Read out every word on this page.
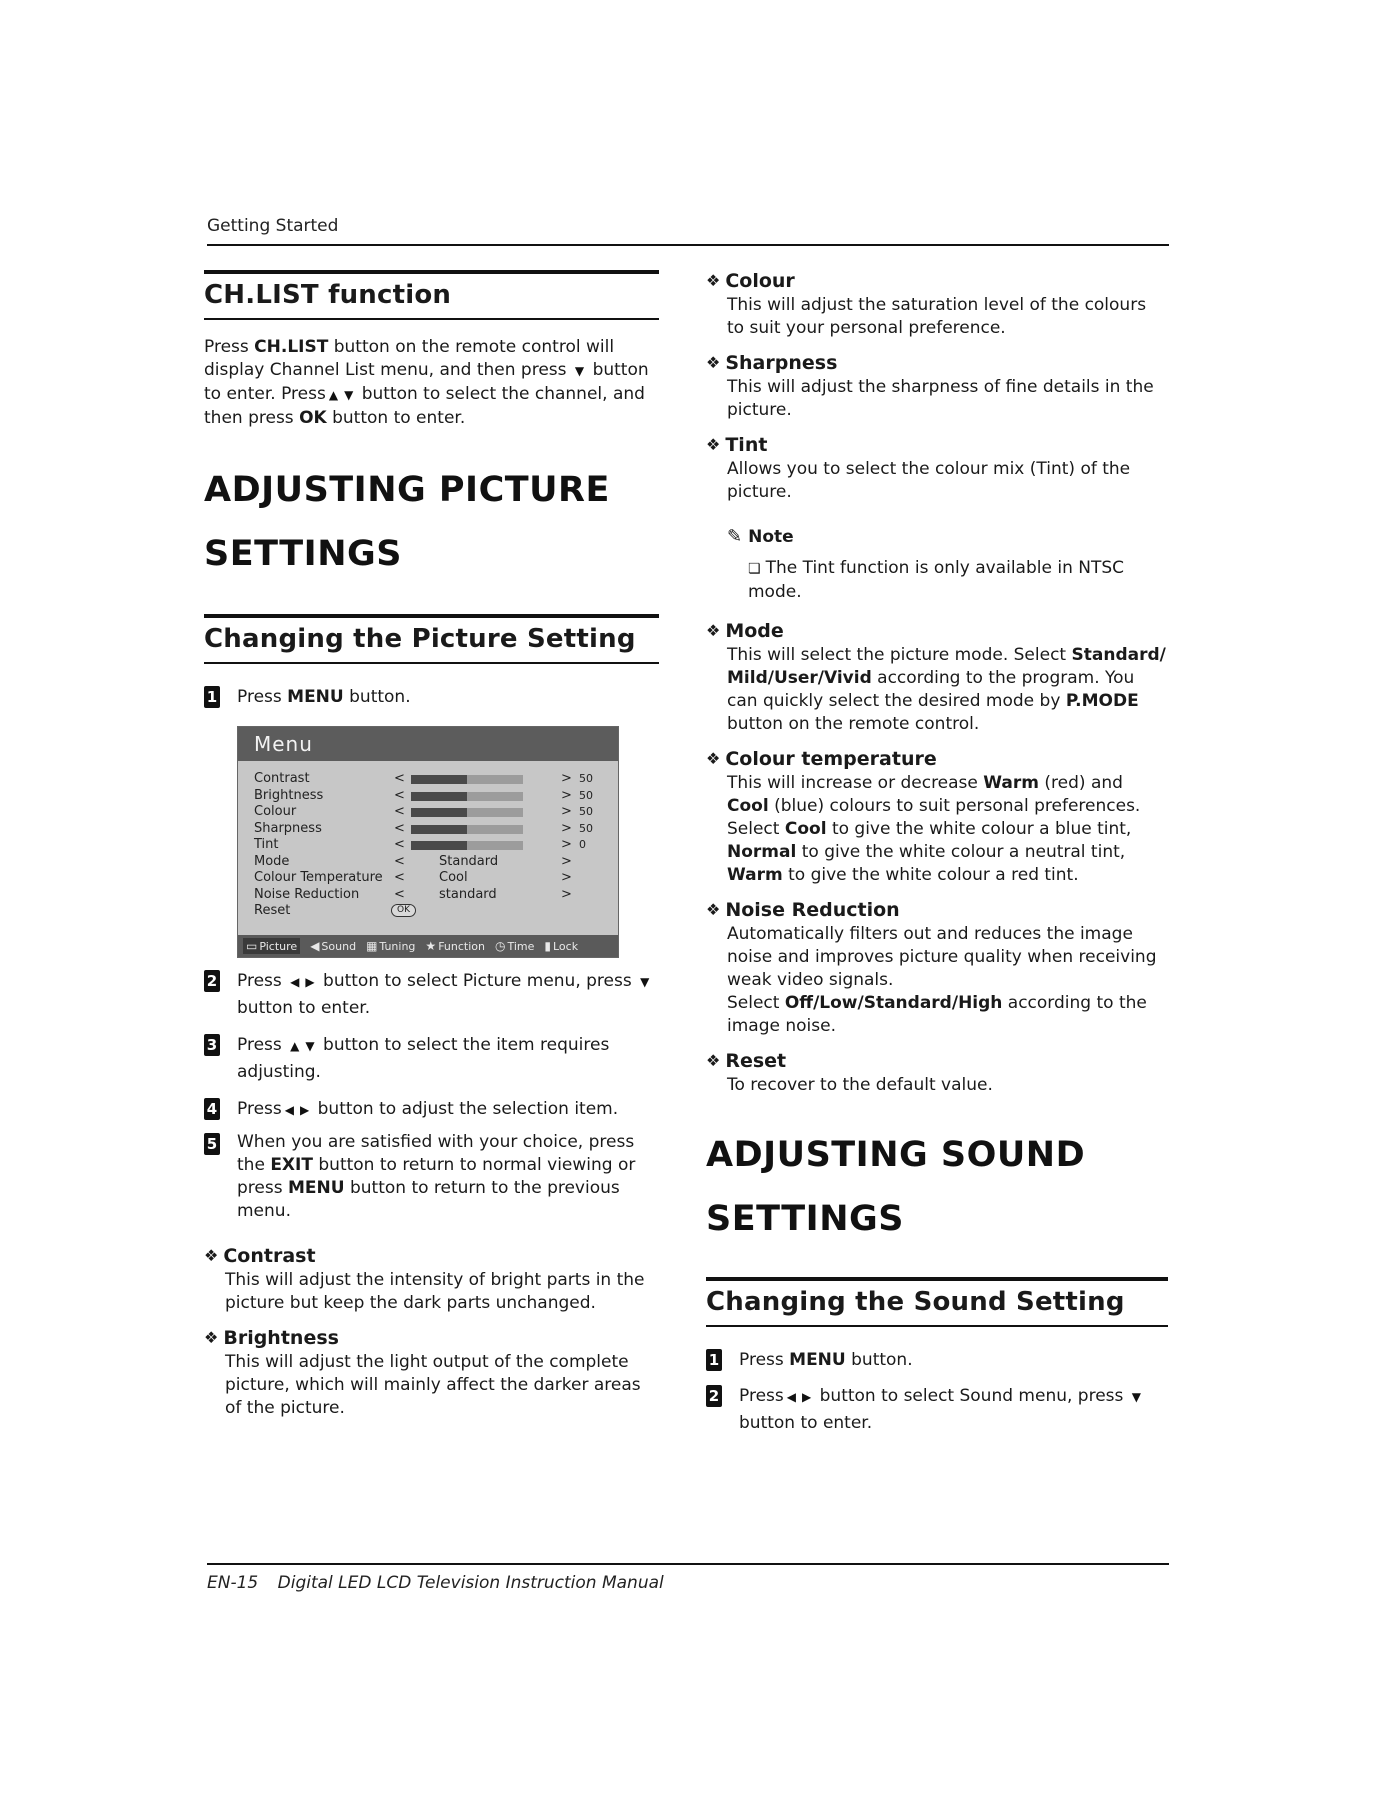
Getting Started
CH.LIST function

Press CH.LIST button on the remote control will display Channel List menu, and then press ▼ button to enter. Press ▲ ▼ button to select the channel, and then press OK button to enter.

ADJUSTING PICTURE
SETTINGS
Changing the Picture Setting
1 Press MENU button.
Menu
Contrast	<	> 50
Brightness	<	> 50
Colour	<	> 50
Sharpness	<	> 50
Tint	<	> 0
Mode	<	Standard	>
Colour Temperature <	Cool	>
Noise Reduction	<	standard	>
Reset	OK
▭ Picture ◀ Sound ▦ Tuning ★ Function ◷ Time ▮ Lock
2 Press ◀ ▶ button to select Picture menu, press ▼ button to enter.
3 Press ▲ ▼ button to select the item requires adjusting.
4 Press ◀ ▶ button to adjust the selection item.
5 When you are satisfied with your choice, press the EXIT button to return to normal viewing or press MENU button to return to the previous menu.

❖ Contrast

This will adjust the intensity of bright parts in the picture but keep the dark parts unchanged.

❖ Brightness

This will adjust the light output of the complete picture, which will mainly affect the darker areas of the picture.

❖ Colour

This will adjust the saturation level of the colours to suit your personal preference.

❖ Sharpness

This will adjust the sharpness of fine details in the picture.

❖ Tint

Allows you to select the colour mix (Tint) of the picture.

✎ Note

❏ The Tint function is only available in NTSC mode.

❖ Mode

This will select the picture mode. Select Standard/ Mild/User/Vivid according to the program. You can quickly select the desired mode by P.MODE button on the remote control.

❖ Colour temperature

This will increase or decrease Warm (red) and Cool (blue) colours to suit personal preferences.
Select Cool to give the white colour a blue tint,
Normal to give the white colour a neutral tint, Warm to give the white colour a red tint.

❖ Noise Reduction

Automatically filters out and reduces the image noise and improves picture quality when receiving weak video signals.
Select Off/Low/Standard/High according to the image noise.

❖ Reset

To recover to the default value.

ADJUSTING SOUND
SETTINGS
Changing the Sound Setting
1 Press MENU button.
2 Press ◀ ▶ button to select Sound menu, press ▼ button to enter.
EN-15 Digital LED LCD Television Instruction Manual
